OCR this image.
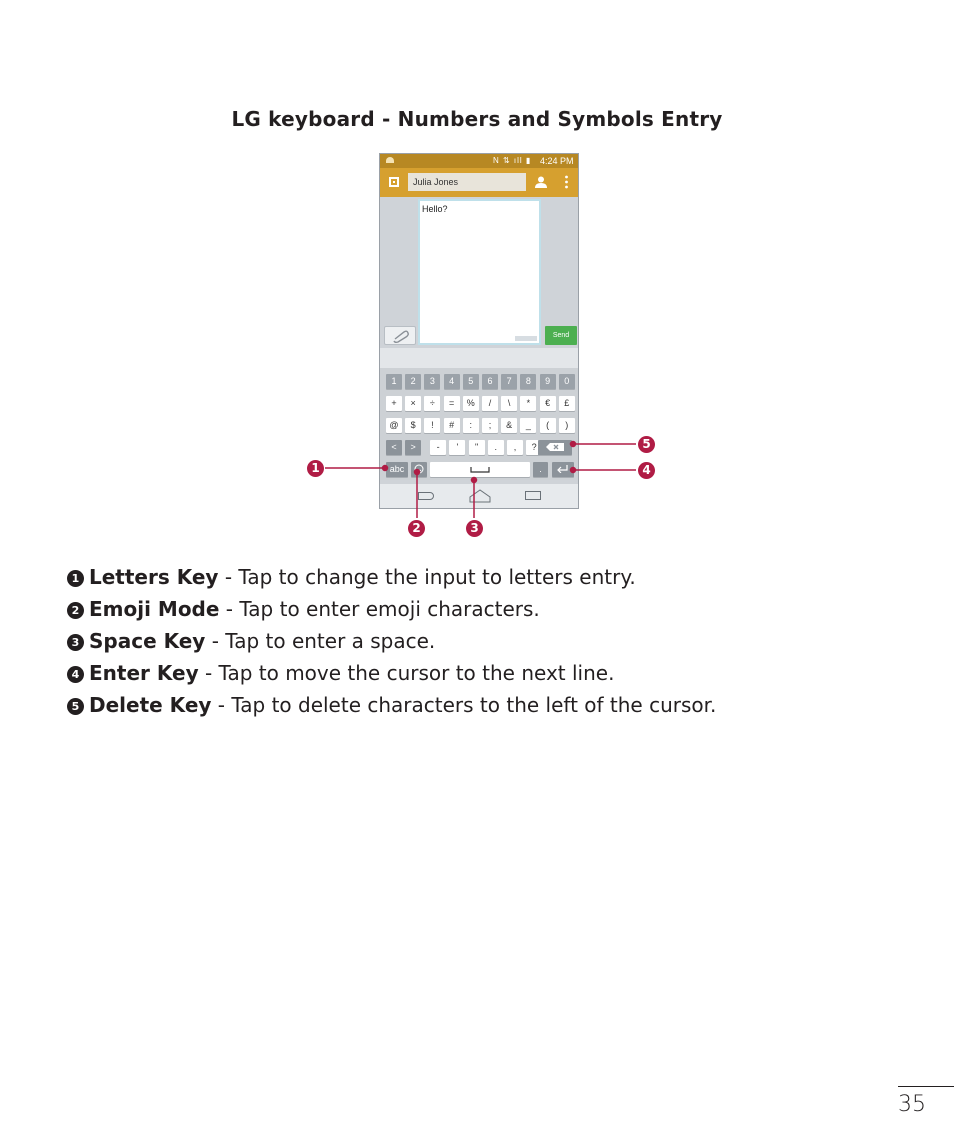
LG keyboard - Numbers and Symbols Entry
N ⇅ ıll ▮ 4:24 PM
Julia Jones
Hello?
Send
1	2	3	4	5	6	7	8	9	0
+	×	÷	=	%	/	\	*	€	£
@	$	!	#	:	;	&	_	(	)
<	>	-	'	"	.	,	?
abc	.
1
2	3
4
5
1 Letters Key - Tap to change the input to letters entry.
2 Emoji Mode - Tap to enter emoji characters.
3 Space Key - Tap to enter a space.
4 Enter Key - Tap to move the cursor to the next line.
5 Delete Key - Tap to delete characters to the left of the cursor.
35
